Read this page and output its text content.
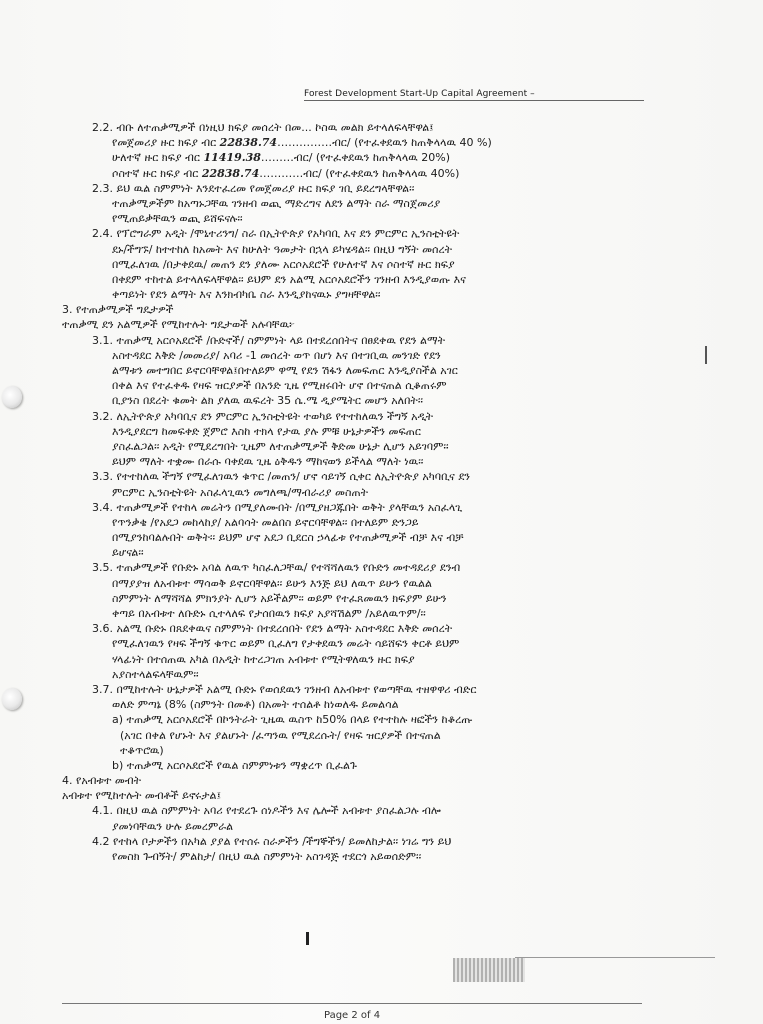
Forest Development Start-Up Capital Agreement –
2.2. ብቡ ለተጠቃሚዎች በነዚህ ክፍያ መሰረት በመ... ኮስዉ መልክ ይተላለፍላቸዋል፤
የመጀመሪያ ዙር ክፍያ ብር 22838.74……………ብር/ (የተፈቀደዉን ከጠቅላላዉ 40 %)
ሁለተኛ ዙር ክፍያ ብር 11419.38………ብር/ (የተፈቀደዉን ከጠቅላላዉ 20%)
ሶስተኛ ዙር ክፍያ ብር 22838.74…………ብር/ (የተፈቀደዉን ከጠቅላላዉ 40%)
2.3. ይህ ዉል ስምምነት እንደተፈረመ የመጀመሪያ ዙር ክፍያ ገቢ ይደረግላቸዋል፡፡
ተጠቃሚዎችም ከአጣኑጋቸዉ ገንዘብ ወጪ ማድረግና ለደን ልማት ስራ ማስጀመሪያ
የሚጠይቃቸዉን ወጪ ይሸፍናሉ፡፡
2.4. የፕሮግራም አዲት /ሞኒተሪንግ/ ስራ በኢትዮጵያ የአካባቢ እና ደን ምርምር ኢንስቲትዩት
ደኑ/ችግኙ/ ከተተከለ ከአመት እና ከሁለት ዓመታት በኋላ ይካሄዳል፡፡ በዚህ ግኝት መሰረት
በሚፈለገዉ /በታቀደዉ/ መጠን ደን ያለሙ አርሶአደሮች የሁለተኛ እና ሶስተኛ ዙር ክፍያ
በቀደም ተከተል ይተላለፍላቸዋል፡፡ ይህም ደን አልሚ አርሶአደሮችን ገንዘብ እንዲያወጡ እና
ቀጣይነት የደን ልማት እና እንክብካቤ ስራ እንዲያከናዉኑ ያግዛቸዋል፡፡
3. የተጠቃሚዎች ግዴታዎች
ተጠቃሚ ደን አልሚዎች የሚከተሉት ግዴታወች አሉባቸዉ፦
3.1. ተጠቃሚ አርሶአደሮች /ቡድኖች/ ስምምነት ላይ በተደረሰበትና በፀደቀዉ የደን ልማት
አስተዳደር እቅድ /መመሪያ/ አባሪ -1 መሰረት ወጥ በሆነ እና በተገቢዉ መንገድ የደን
ልማቱን መተግበር ይኖርባቸዋል፤በተለይም ዋሚ የደን ሽፋን ለመፍጠር እንዲያስችል አገር
በቀል እና የተፈቀዱ የዛፍ ዝርያዎች በአንድ ጊዜ የሚዘሩበት ሆኖ በተናጠል ሲቆጠሩም
ቢያንስ በደረት ቁመት ልክ ያለዉ ዉፍረት 35 ሴ.ሜ ዲያሜትር መሆን አለበት፡፡
3.2. ለኢትዮጵያ አካባቢና ደን ምርምር ኢንስቲትዩት ተወካይ የተተከለዉን ችግኝ አዲት
እንዲያደርግ ከመፍቀድ ጀምሮ እስከ ተክላ የታዉ ያሉ ምቹ ሁኔታዎችን መፍጠር
ያስፈልጋል፡፡ አዲት የሚደረግበት ጊዜም ለተጠቃሚዎች ቅድመ ሁኔታ ሊሆን አይገባም፡፡
ይህም ማለት ተቋሙ በራሱ ባቀደዉ ጊዜ ዕቅዱን ማከናወን ይችላል ማለት ነዉ፡፡
3.3. የተተከለዉ ችግኝ የሚፈለገዉን ቁጥር /መጠን/ ሆኖ ሳይገኝ ሲቀር ለኢትዮጵያ አካባቢና ደን
ምርምር ኢንስቲትዩት አስፈላጊዉን መግለጫ/ማብራሪያ መስጠት
3.4. ተጠቃሚዎች የተከላ መሬትን በሚያለሙበት /በሚያዘጋጁበት ወቅት ያላቸዉን አስፈላጊ
የጥንቃቄ /የአደጋ መከላከያ/ አልባሳት መልበስ ይኖርባቸዋል፡፡ በተለይም ድንጋይ
በሚያንከባልሉበት ወቅት፡፡ ይህም ሆኖ አደጋ ቢደርስ ኃላፊቱ የተጠቃሚዎች ብቻ እና ብቻ
ይሆናል፡፡
3.5. ተጠቃሚዎች የቡድኑ አባል ለዉጥ ካስፈለጋቸዉ/ የተሻሻለዉን የቡድን መተዳደሪያ ደንብ
በማያያዝ ለአብቱተ ማሳወቅ ይኖርባቸዋል፡፡ ይሁን እንጅ ይህ ለዉጥ ይሁን የዉልል
ስምምነት ለማሻሻል ምክንያት ሊሆን አይችልም፡፡ ወይም የተፈጸመዉን ክፍያም ይሁን
ቀጣይ በአብቱተ ለቡድኑ ሲተላለፍ የታሰበዉን ክፍያ አያሻሽልም /አይለዉጥም/፡፡
3.6. አልሚ ቡድኑ በጸደቀዉና ስምምነት በተደረሰበት የደን ልማት አስተዳደር እቅድ መሰረት
የሚፈለገዉን የዛፍ ችግኝ ቁጥር ወይም ቢፈለግ የታቀደዉን መሬት ሳይሸፍን ቀርቶ ይህም
ሃላፊነት በተሰጠዉ አካል በአዲት ከተረጋገጠ አብቱተ የሚትዋለዉን ዙር ክፍያ
አያስተላልፍላቸዉም፡፡
3.7. በሚከተሉት ሁኔታዎች አልሚ ቡድኑ የወሰደዉን ገንዘብ ለአብቱተ የወጣቸዉ ተዘዋዋሪ ብድር
ወለድ ምጣኔ (8% (ስምንት በመቶ) በአመት ተሰልቶ ከነወለዱ ይመልሳል
a) ተጠቃሚ አርሶአደሮች በኮንትራት ጊዜዉ ዉስጥ ከ50% በላይ የተተከሉ ዛፎችን ከቆረጡ
(አገር በቀል የሆኑት እና ያልሆኑት /ፈጣንዉ የሚደረሱት/ የዛፍ ዝርያዎች በተናጠል
ተቆጥሮዉ)
b) ተጠቃሚ አርሶአደሮች የዉል ስምምነቱን ማቋረጥ ቢፈልጉ
4. የአብቱተ መብት
አብቱተ የሚከተሉት መብቶች ይኖሩታል፤
4.1. በዚህ ዉል ስምምነት አባሪ የተደረጉ ሰነዶችን እና ሌሎች አብቱተ ያስፈልጋሉ ብሎ
ያመነባቸዉን ሁሉ ይመረምራል
4.2 የተከላ ቦታዎችን በአካል ያያል የተሰሩ ስራዎችን /ችግኞችን/ ይመለከታል፡፡ ነገሬ ግን ይህ
የመስክ ጉብኝት/ ምልከታ/ በዚህ ዉል ስምምነት አስገዳጅ ተደርጎ አይወሰድም፡፡
Page 2 of 4
